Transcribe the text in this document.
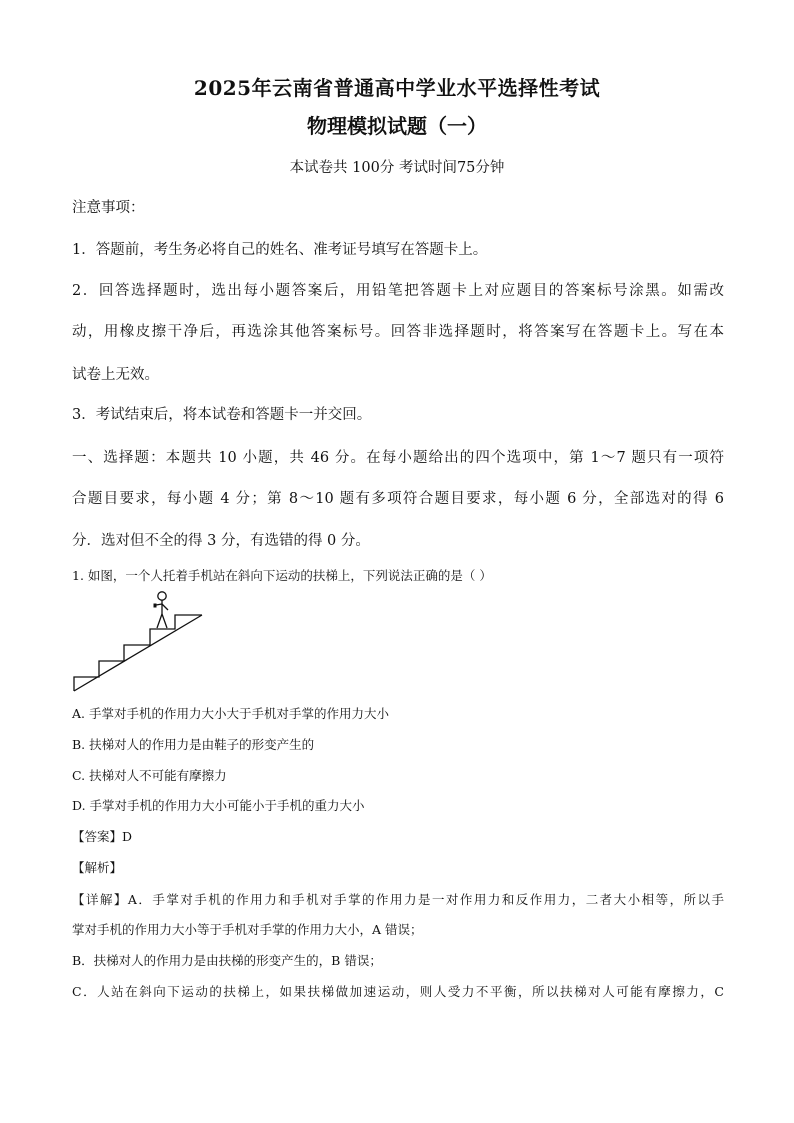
2025年云南省普通高中学业水平选择性考试
物理模拟试题（一）
本试卷共 100分 考试时间75分钟
注意事项：
1．答题前，考生务必将自己的姓名、准考证号填写在答题卡上。
2．回答选择题时，选出每小题答案后，用铅笔把答题卡上对应题目的答案标号涂黑。如需改
动，用橡皮擦干净后，再选涂其他答案标号。回答非选择题时，将答案写在答题卡上。写在本
试卷上无效。
3．考试结束后，将本试卷和答题卡一并交回。
一、选择题：本题共 10 小题，共 46 分。在每小题给出的四个选项中，第 1～7 题只有一项符
合题目要求，每小题 4 分；第 8～10 题有多项符合题目要求，每小题 6 分，全部选对的得 6
分．选对但不全的得 3 分，有选错的得 0 分。
1. 如图，一个人托着手机站在斜向下运动的扶梯上，下列说法正确的是（ ）
A. 手掌对手机的作用力大小大于手机对手掌的作用力大小
B. 扶梯对人的作用力是由鞋子的形变产生的
C. 扶梯对人不可能有摩擦力
D. 手掌对手机的作用力大小可能小于手机的重力大小
【答案】D
【解析】
【详解】A．手掌对手机的作用力和手机对手掌的作用力是一对作用力和反作用力，二者大小相等，所以手
掌对手机的作用力大小等于手机对手掌的作用力大小，A 错误；
B．扶梯对人的作用力是由扶梯的形变产生的，B 错误；
C．人站在斜向下运动的扶梯上，如果扶梯做加速运动，则人受力不平衡，所以扶梯对人可能有摩擦力，C
